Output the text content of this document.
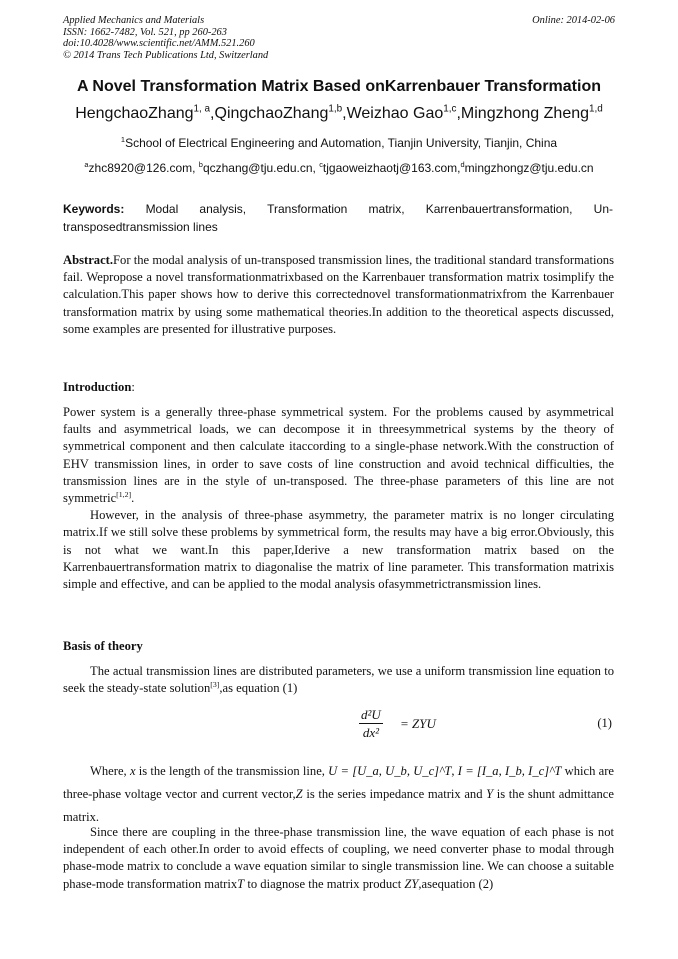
Applied Mechanics and Materials
ISSN: 1662-7482, Vol. 521, pp 260-263
doi:10.4028/www.scientific.net/AMM.521.260
© 2014 Trans Tech Publications Ltd, Switzerland
Online: 2014-02-06
A Novel Transformation Matrix Based onKarrenbauer Transformation
HengchaoZhang$^{1, a}$,QingchaoZhang$^{1,b}$,Weizhao Gao$^{1,c}$,Mingzhong Zheng$^{1,d}$
$^1$School of Electrical Engineering and Automation, Tianjin University, Tianjin, China
$^a$zhc8920@126.com, $^b$qczhang@tju.edu.cn, $^c$tjgaoweizhaotj@163.com,$^d$mingzhongz@tju.edu.cn
Keywords: Modal analysis, Transformation matrix, Karrenbauertransformation, Un-transposedtransmission lines
Abstract.For the modal analysis of un-transposed transmission lines, the traditional standard transformations fail. Wepropose a novel transformationmatrixbased on the Karrenbauer transformation matrix tosimplify the calculation.This paper shows how to derive this correctednovel transformationmatrixfrom the Karrenbauer transformation matrix by using some mathematical theories.In addition to the theoretical aspects discussed, some examples are presented for illustrative purposes.
Introduction:
Power system is a generally three-phase symmetrical system. For the problems caused by asymmetrical faults and asymmetrical loads, we can decompose it in threesymmetrical systems by the theory of symmetrical component and then calculate itaccording to a single-phase network.With the construction of EHV transmission lines, in order to save costs of line construction and avoid technical difficulties, the transmission lines are in the style of un-transposed. The three-phase parameters of this line are not symmetric[1,2].
However, in the analysis of three-phase asymmetry, the parameter matrix is no longer circulating matrix.If we still solve these problems by symmetrical form, the results may have a big error.Obviously, this is not what we want.In this paper,Iderive a new transformation matrix based on the Karrenbauertransformation matrix to diagonalise the matrix of line parameter. This transformation matrixis simple and effective, and can be applied to the modal analysis ofasymmetrictransmission lines.
Basis of theory
The actual transmission lines are distributed parameters, we use a uniform transmission line equation to seek the steady-state solution[3],as equation (1)
$\frac{\text{d²U}}{\text{dx²}}$ = ZYU	(1)
Where, x is the length of the transmission line, U = [U_a, U_b, U_c]^T, I = [I_a, I_b, I_c]^T which are three-phase voltage vector and current vector,Z is the series impedance matrix and Y is the shunt admittance matrix.
Since there are coupling in the three-phase transmission line, the wave equation of each phase is not independent of each other.In order to avoid effects of coupling, we need converter phase to modal through phase-mode matrix to conclude a wave equation similar to single transmission line. We can choose a suitable phase-mode transformation matrixT to diagnose the matrix product ZY,asequation (2)
